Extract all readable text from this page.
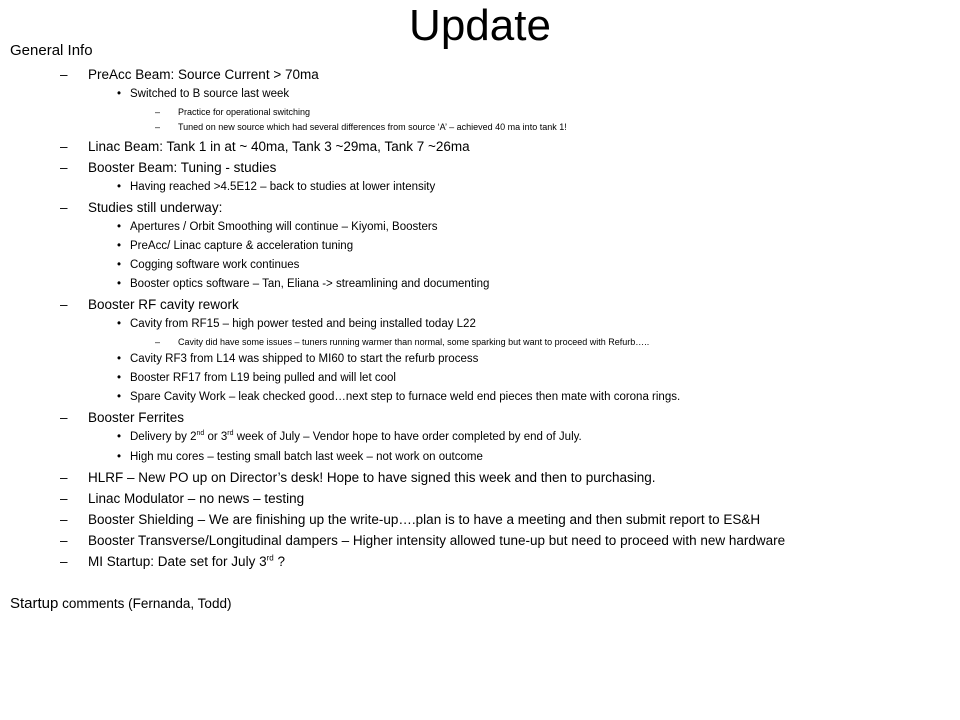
Update
General Info
– PreAcc Beam: Source Current > 70ma
• Switched to B source last week
– Practice for operational switching
– Tuned on new source which had several differences from source ‘A’ – achieved 40 ma into tank 1!
– Linac Beam: Tank 1 in at ~ 40ma, Tank 3 ~29ma, Tank 7 ~26ma
– Booster Beam: Tuning - studies
• Having reached >4.5E12 – back to studies at lower intensity
– Studies still underway:
• Apertures / Orbit Smoothing will continue – Kiyomi, Boosters
• PreAcc/ Linac capture & acceleration tuning
• Cogging software work continues
• Booster optics software – Tan, Eliana -> streamlining and documenting
– Booster RF cavity rework
• Cavity from RF15 – high power tested and being installed today L22
– Cavity did have some issues – tuners running warmer than normal, some sparking but want to proceed with Refurb…..
• Cavity RF3 from L14 was shipped to MI60 to start the refurb process
• Booster RF17 from L19 being pulled and will let cool
• Spare Cavity Work – leak checked good…next step to furnace weld end pieces then mate with corona rings.
– Booster Ferrites
• Delivery by 2nd or 3rd week of July – Vendor hope to have order completed by end of July.
• High mu cores – testing small batch last week – not work on outcome
– HLRF – New PO up on Director’s desk! Hope to have signed this week and then to purchasing.
– Linac Modulator – no news – testing
– Booster Shielding – We are finishing up the write-up….plan is to have a meeting and then submit report to ES&H
– Booster Transverse/Longitudinal dampers – Higher intensity allowed tune-up but need to proceed with new hardware
– MI Startup: Date set for July 3rd ?
Startup comments (Fernanda, Todd)
